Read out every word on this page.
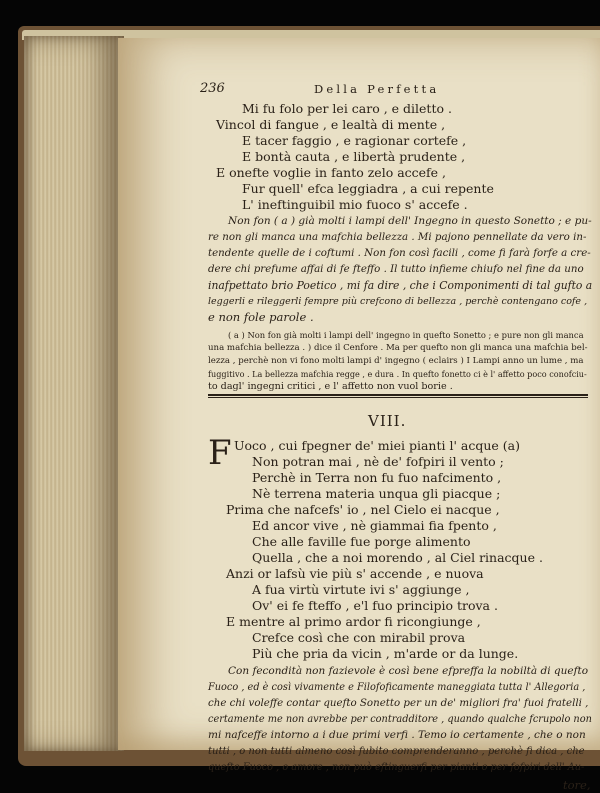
236	Della Perfetta
Mi fu folo per lei caro , e diletto .
Vincol di fangue , e lealtà di mente ,
E tacer faggio , e ragionar cortefe ,
E bontà cauta , e libertà prudente ,
E onefte voglie in fanto zelo accefe ,
Fur quell' efca leggiadra , a cui repente
L' ineftinguibil mio fuoco s' accefe .
Non fon ( a ) già molti i lampi dell' Ingegno in questo Sonetto ; e pu-
re non gli manca una mafchia bellezza . Mi pajono pennellate da vero in-
tendente quelle de i coftumi . Non fon così facili , come fi farà forfe a cre-
dere chi prefume affai di fe fteffo . Il tutto infieme chiufo nel fine da uno
inafpettato brio Poetico , mi fa dire , che i Componimenti di tal gufto a
leggerli e rileggerli fempre più crefcono di bellezza , perchè contengano cofe ,
e non fole parole .
( a ) Non fon già molti i lampi dell' ingegno in quefto Sonetto ; e pure non gli manca
una mafchia bellezza . ) dice il Cenfore . Ma per quefto non gli manca una mafchia bel-
lezza , perchè non vi fono molti lampi d' ingegno ( eclairs ) I Lampi anno un lume , ma
fuggitivo . La bellezza mafchia regge , e dura . In quefto fonetto ci è l' affetto poco conofciu-
to dagl' ingegni critici , e l' affetto non vuol borie .
VIII.
F Uoco , cui fpegner de' miei pianti l' acque (a)
Non potran mai , nè de' fofpiri il vento ;
Perchè in Terra non fu fuo nafcimento ,
Nè terrena materia unqua gli piacque ;
Prima che nafcefs' io , nel Cielo ei nacque ,
Ed ancor vive , nè giammai fia fpento ,
Che alle faville fue porge alimento
Quella , che a noi morendo , al Ciel rinacque .
Anzi or lafsù vie più s' accende , e nuova
A fua virtù virtute ivi s' aggiunge ,
Ov' ei fe fteffo , e'l fuo principio trova .
E mentre al primo ardor fi ricongiunge ,
Crefce così che con mirabil prova
Più che pria da vicin , m'arde or da lunge.
Con fecondità non fazievole è così bene efpreffa la nobiltà di quefto
Fuoco , ed è così vivamente e Filofoficamente maneggiata tutta l' Allegoria ,
che chi voleffe contar quefto Sonetto per un de' migliori fra' fuoi fratelli ,
certamente me non avrebbe per contradditore , quando qualche fcrupolo non
mi nafceffe intorno a i due primi verfi . Temo io certamente , che o non
tutti , o non tutti almeno così fubito comprenderanno , perchè fi dica , che
quefto Fuoco , o amore , non può eftinguerfi per pianti o per fofpiri dell' Au-
tore,
